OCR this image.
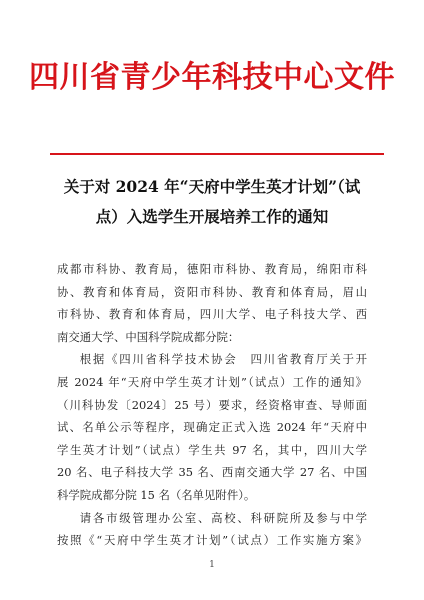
四川省青少年科技中心文件
关于对 2024 年“天府中学生英才计划”（试
点）入选学生开展培养工作的通知
成都市科协、教育局，德阳市科协、教育局，绵阳市科
协、教育和体育局，资阳市科协、教育和体育局，眉山
市科协、教育和体育局，四川大学、电子科技大学、西
南交通大学、中国科学院成都分院：
根据《四川省科学技术协会　四川省教育厅关于开
展 2024 年“天府中学生英才计划”（试点）工作的通知》
（川科协发〔2024〕25 号）要求，经资格审查、导师面
试、名单公示等程序，现确定正式入选 2024 年“天府中
学生英才计划”（试点）学生共 97 名，其中，四川大学
20 名、电子科技大学 35 名、西南交通大学 27 名、中国
科学院成都分院 15 名（名单见附件）。
请各市级管理办公室、高校、科研院所及参与中学
按照《“天府中学生英才计划”（试点）工作实施方案》
1
